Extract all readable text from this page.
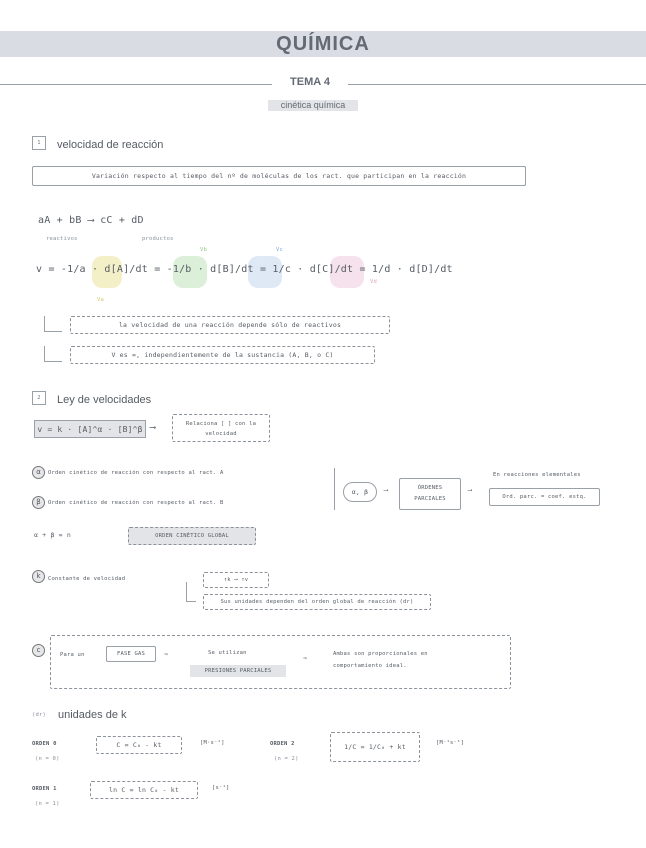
QUÍMICA
TEMA 4
cinética química
1	velocidad de reacción
Variación respecto al tiempo del nº de moléculas de los ract. que participan en la reacción
aA + bB ⟶ cC + dD
reactivos	productos
v = -1/a · d[A]/dt = -1/b · d[B]/dt = 1/c · d[C]/dt = 1/d · d[D]/dt
Va
Vb	Vc
Vd
la velocidad de una reacción depende sólo de reactivos
V es =, independientemente de la sustancia (A, B, o C)
2	Ley de velocidades
v = k · [A]^α · [B]^β ⟶	Relaciona [ ] con la velocidad
α	Orden cinético de reacción con respecto al ract. A
β	Orden cinético de reacción con respecto al ract. B
α, β	⟶	ÓRDENES PARCIALES
⟶
En reacciones elementales
Ord. parc. = coef. estq.
α + β = n	ORDEN CINÉTICO GLOBAL
k	Constante de velocidad	↑k ⟶ ↑v
Sus unidades dependen del orden global de reacción (dr)
c
Para un	FASE GAS	⇒	Se utilizan
PRESIONES PARCIALES
⇒	Ambas son proporcionales en comportamiento ideal.
(dr) unidades de k
ORDEN 0
(n = 0)
C = C₀ - kt	[M·s⁻¹]	ORDEN 2
(n = 2)
1/C = 1/C₀ + kt	[M⁻¹s⁻¹]
ORDEN 1
(n = 1)
ln C = ln C₀ - kt	[s⁻¹]
